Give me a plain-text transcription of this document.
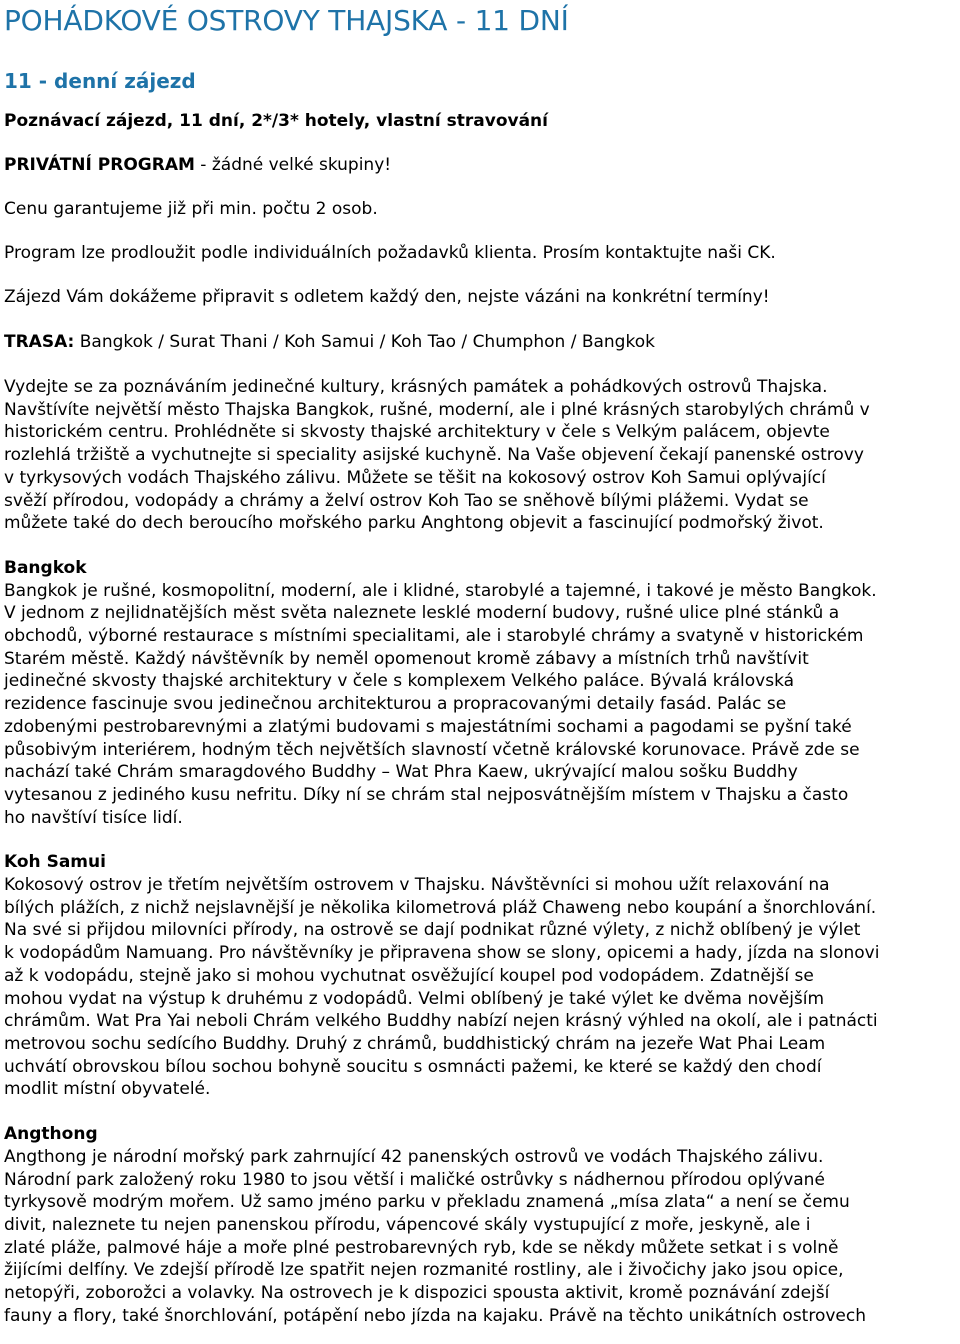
POHÁDKOVÉ OSTROVY THAJSKA - 11 DNÍ
11 - denní zájezd

Poznávací zájezd, 11 dní, 2*/3* hotely, vlastní stravování

PRIVÁTNÍ PROGRAM - žádné velké skupiny!

Cenu garantujeme již při min. počtu 2 osob.

Program lze prodloužit podle individuálních požadavků klienta. Prosím kontaktujte naši CK.

Zájezd Vám dokážeme připravit s odletem každý den, nejste vázáni na konkrétní termíny!

TRASA: Bangkok / Surat Thani / Koh Samui / Koh Tao / Chumphon / Bangkok

Vydejte se za poznáváním jedinečné kultury, krásných památek a pohádkových ostrovů Thajska.
Navštívíte největší město Thajska Bangkok, rušné, moderní, ale i plné krásných starobylých chrámů v
historickém centru. Prohlédněte si skvosty thajské architektury v čele s Velkým palácem, objevte
rozlehlá tržiště a vychutnejte si speciality asijské kuchyně. Na Vaše objevení čekají panenské ostrovy
v tyrkysových vodách Thajského zálivu. Můžete se těšit na kokosový ostrov Koh Samui oplývající
svěží přírodou, vodopády a chrámy a želví ostrov Koh Tao se sněhově bílými plážemi. Vydat se
můžete také do dech beroucího mořského parku Anghtong objevit a fascinující podmořský život.

Bangkok

Bangkok je rušné, kosmopolitní, moderní, ale i klidné, starobylé a tajemné, i takové je město Bangkok.
V jednom z nejlidnatějších měst světa naleznete lesklé moderní budovy, rušné ulice plné stánků a
obchodů, výborné restaurace s místními specialitami, ale i starobylé chrámy a svatyně v historickém
Starém městě. Každý návštěvník by neměl opomenout kromě zábavy a místních trhů navštívit
jedinečné skvosty thajské architektury v čele s komplexem Velkého paláce. Bývalá královská
rezidence fascinuje svou jedinečnou architekturou a propracovanými detaily fasád. Palác se
zdobenými pestrobarevnými a zlatými budovami s majestátními sochami a pagodami se pyšní také
působivým interiérem, hodným těch největších slavností včetně královské korunovace. Právě zde se
nachází také Chrám smaragdového Buddhy – Wat Phra Kaew, ukrývající malou sošku Buddhy
vytesanou z jediného kusu nefritu. Díky ní se chrám stal nejposvátnějším místem v Thajsku a často
ho navštíví tisíce lidí.

Koh Samui

Kokosový ostrov je třetím největším ostrovem v Thajsku. Návštěvníci si mohou užít relaxování na
bílých plážích, z nichž nejslavnější je několika kilometrová pláž Chaweng nebo koupání a šnorchlování.
Na své si přijdou milovníci přírody, na ostrově se dají podnikat různé výlety, z nichž oblíbený je výlet
k vodopádům Namuang. Pro návštěvníky je připravena show se slony, opicemi a hady, jízda na slonovi
až k vodopádu, stejně jako si mohou vychutnat osvěžující koupel pod vodopádem. Zdatnější se
mohou vydat na výstup k druhému z vodopádů. Velmi oblíbený je také výlet ke dvěma novějším
chrámům. Wat Pra Yai neboli Chrám velkého Buddhy nabízí nejen krásný výhled na okolí, ale i patnácti
metrovou sochu sedícího Buddhy. Druhý z chrámů, buddhistický chrám na jezeře Wat Phai Leam
uchvátí obrovskou bílou sochou bohyně soucitu s osmnácti pažemi, ke které se každý den chodí
modlit místní obyvatelé.

Angthong

Angthong je národní mořský park zahrnující 42 panenských ostrovů ve vodách Thajského zálivu.
Národní park založený roku 1980 to jsou větší i maličké ostrůvky s nádhernou přírodou oplývané
tyrkysově modrým mořem. Už samo jméno parku v překladu znamená „mísa zlata“ a není se čemu
divit, naleznete tu nejen panenskou přírodu, vápencové skály vystupující z moře, jeskyně, ale i
zlaté pláže, palmové háje a moře plné pestrobarevných ryb, kde se někdy můžete setkat i s volně
žijícími delfíny. Ve zdejší přírodě lze spatřit nejen rozmanité rostliny, ale i živočichy jako jsou opice,
netopýři, zoborožci a volavky. Na ostrovech je k dispozici spousta aktivit, kromě poznávání zdejší
fauny a flory, také šnorchlování, potápění nebo jízda na kajaku. Právě na těchto unikátních ostrovech
